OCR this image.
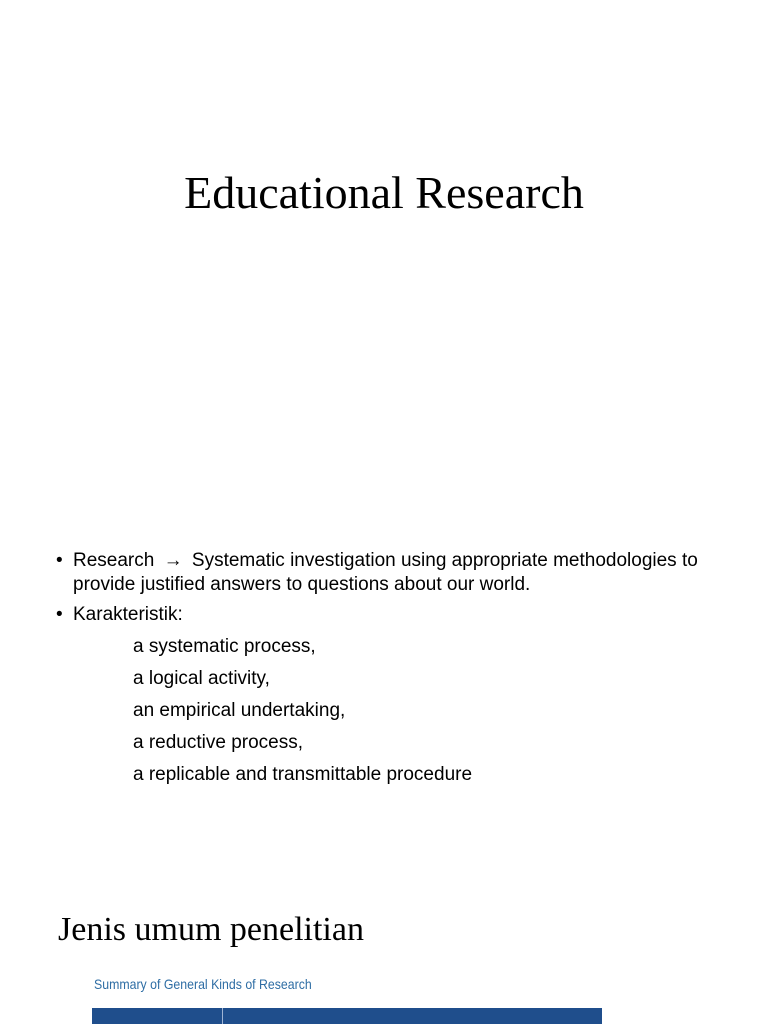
Educational Research
• Research → Systematic investigation using appropriate methodologies to provide justified answers to questions about our world.
• Karakteristik:
a systematic process,
a logical activity,
an empirical undertaking,
a reductive process,
a replicable and transmittable procedure
Jenis umum penelitian
Summary of General Kinds of Research
